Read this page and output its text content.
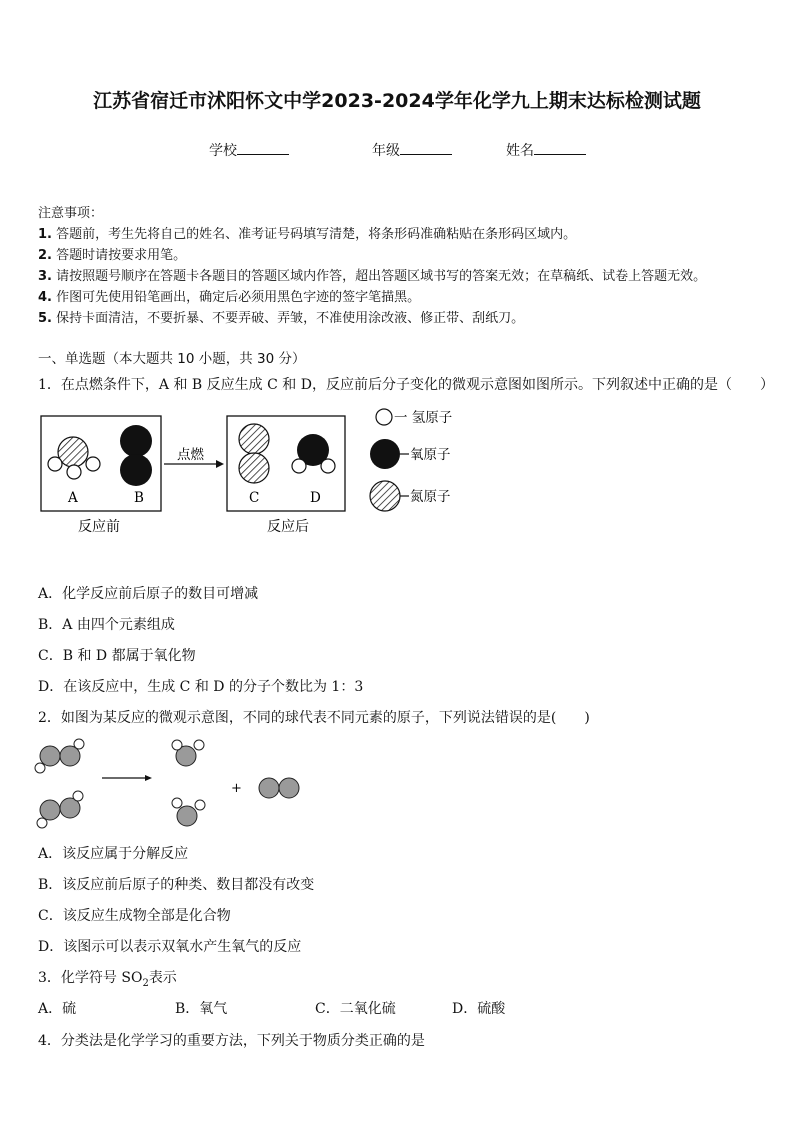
江苏省宿迁市沭阳怀文中学2023-2024学年化学九上期末达标检测试题
学校	年级	姓名
注意事项：
1. 答题前，考生先将自己的姓名、准考证号码填写清楚，将条形码准确粘贴在条形码区域内。
2. 答题时请按要求用笔。
3. 请按照题号顺序在答题卡各题目的答题区域内作答，超出答题区域书写的答案无效；在草稿纸、试卷上答题无效。
4. 作图可先使用铅笔画出，确定后必须用黑色字迹的签字笔描黑。
5. 保持卡面清洁，不要折暴、不要弄破、弄皱，不准使用涂改液、修正带、刮纸刀。
一、单选题（本大题共 10 小题，共 30 分）
1．在点燃条件下，A 和 B 反应生成 C 和 D，反应前后分子变化的微观示意图如图所示。下列叙述中正确的是（　　）
A	B
反应前
点燃
C	D
反应后
一 氢原子
氧原子
氮原子
A．化学反应前后原子的数目可增减
B．A 由四个元素组成
C．B 和 D 都属于氧化物
D．在该反应中，生成 C 和 D 的分子个数比为 1：3
2．如图为某反应的微观示意图，不同的球代表不同元素的原子，下列说法错误的是(　　)
+
A．该反应属于分解反应
B．该反应前后原子的种类、数目都没有改变
C．该反应生成物全部是化合物
D．该图示可以表示双氧水产生氧气的反应
3．化学符号 $SO_2$表示
A．硫	B．氧气	C．二氧化硫	D．硫酸
4．分类法是化学学习的重要方法，下列关于物质分类正确的是
